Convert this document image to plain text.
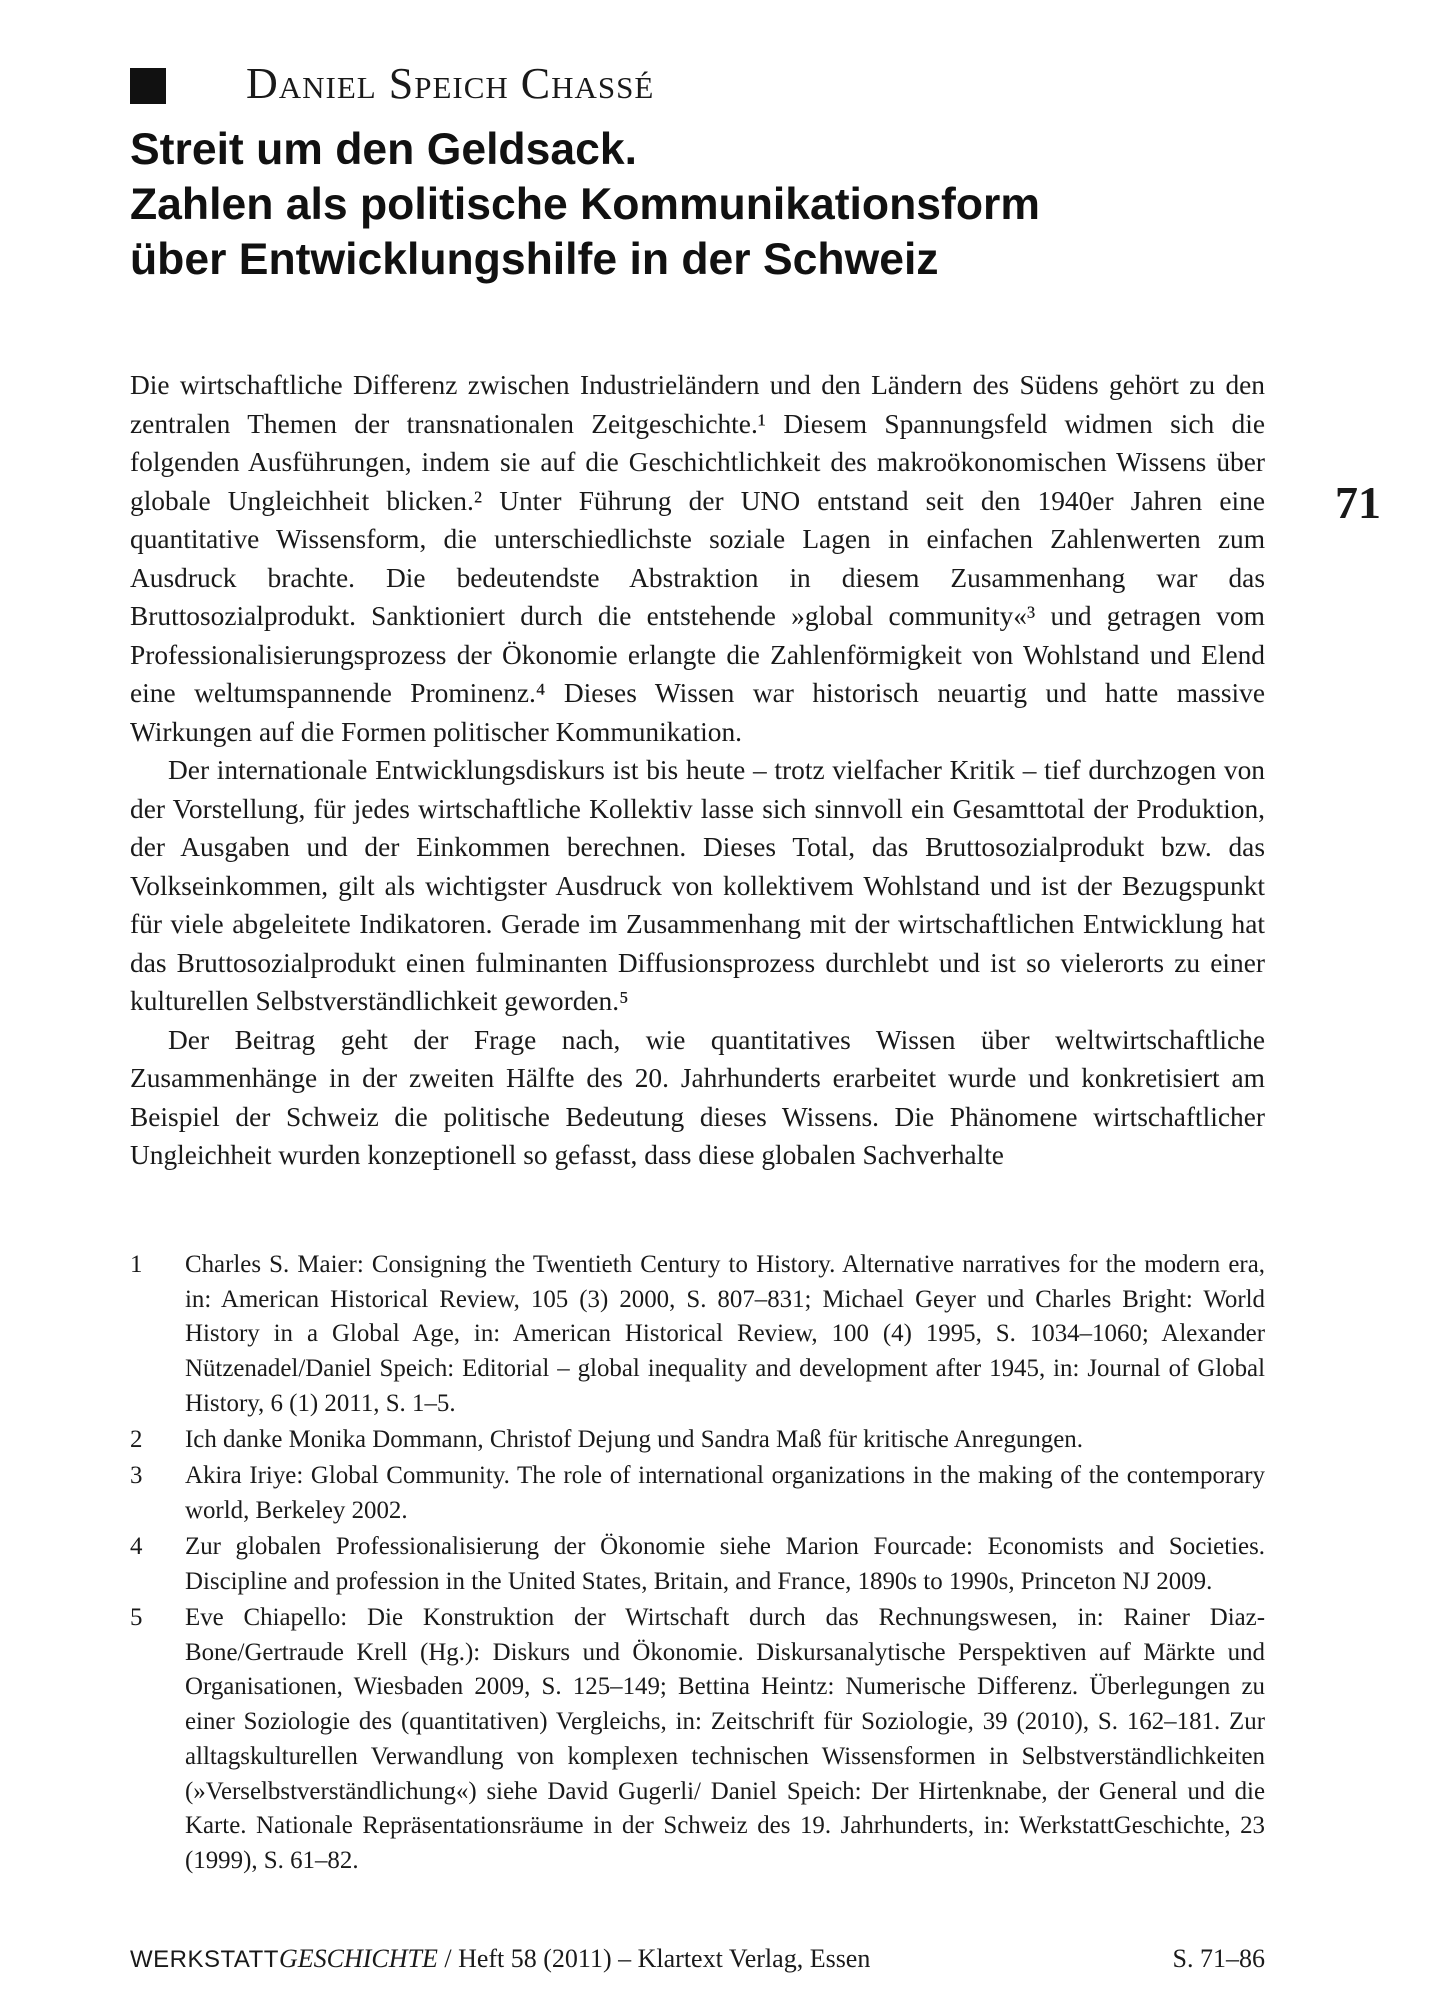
Daniel Speich Chassé
Streit um den Geldsack.
Zahlen als politische Kommunikationsform
über Entwicklungshilfe in der Schweiz
71

Die wirtschaftliche Differenz zwischen Industrieländern und den Ländern des Südens gehört zu den zentralen Themen der transnationalen Zeitgeschichte.¹ Diesem Spannungsfeld widmen sich die folgenden Ausführungen, indem sie auf die Geschichtlichkeit des makroökonomischen Wissens über globale Ungleichheit blicken.² Unter Führung der UNO entstand seit den 1940er Jahren eine quantitative Wissensform, die unterschiedlichste soziale Lagen in einfachen Zahlenwerten zum Ausdruck brachte. Die bedeutendste Abstraktion in diesem Zusammenhang war das Bruttosozialprodukt. Sanktioniert durch die entstehende »global community«³ und getragen vom Professionalisierungsprozess der Ökonomie erlangte die Zahlenförmigkeit von Wohlstand und Elend eine weltumspannende Prominenz.⁴ Dieses Wissen war historisch neuartig und hatte massive Wirkungen auf die Formen politischer Kommunikation.

Der internationale Entwicklungsdiskurs ist bis heute – trotz vielfacher Kritik – tief durchzogen von der Vorstellung, für jedes wirtschaftliche Kollektiv lasse sich sinnvoll ein Gesamttotal der Produktion, der Ausgaben und der Einkommen berechnen. Dieses Total, das Bruttosozialprodukt bzw. das Volkseinkommen, gilt als wichtigster Ausdruck von kollektivem Wohlstand und ist der Bezugspunkt für viele abgeleitete Indikatoren. Gerade im Zusammenhang mit der wirtschaftlichen Entwicklung hat das Bruttosozialprodukt einen fulminanten Diffusionsprozess durchlebt und ist so vielerorts zu einer kulturellen Selbstverständlichkeit geworden.⁵

Der Beitrag geht der Frage nach, wie quantitatives Wissen über weltwirtschaftliche Zusammenhänge in der zweiten Hälfte des 20. Jahrhunderts erarbeitet wurde und konkretisiert am Beispiel der Schweiz die politische Bedeutung dieses Wissens. Die Phänomene wirtschaftlicher Ungleichheit wurden konzeptionell so gefasst, dass diese globalen Sachverhalte

1 Charles S. Maier: Consigning the Twentieth Century to History. Alternative narratives for the modern era, in: American Historical Review, 105 (3) 2000, S. 807–831; Michael Geyer und Charles Bright: World History in a Global Age, in: American Historical Review, 100 (4) 1995, S. 1034–1060; Alexander Nützenadel/Daniel Speich: Editorial – global inequality and development after 1945, in: Journal of Global History, 6 (1) 2011, S. 1–5.
2 Ich danke Monika Dommann, Christof Dejung und Sandra Maß für kritische Anregungen.
3 Akira Iriye: Global Community. The role of international organizations in the making of the contemporary world, Berkeley 2002.
4 Zur globalen Professionalisierung der Ökonomie siehe Marion Fourcade: Economists and Societies. Discipline and profession in the United States, Britain, and France, 1890s to 1990s, Princeton NJ 2009.
5 Eve Chiapello: Die Konstruktion der Wirtschaft durch das Rechnungswesen, in: Rainer Diaz-Bone/Gertraude Krell (Hg.): Diskurs und Ökonomie. Diskursanalytische Perspektiven auf Märkte und Organisationen, Wiesbaden 2009, S. 125–149; Bettina Heintz: Numerische Differenz. Überlegungen zu einer Soziologie des (quantitativen) Vergleichs, in: Zeitschrift für Soziologie, 39 (2010), S. 162–181. Zur alltagskulturellen Verwandlung von komplexen technischen Wissensformen in Selbstverständlichkeiten (»Verselbstverständlichung«) siehe David Gugerli/ Daniel Speich: Der Hirtenknabe, der General und die Karte. Nationale Repräsentationsräume in der Schweiz des 19. Jahrhunderts, in: WerkstattGeschichte, 23 (1999), S. 61–82.
WERKSTATTGESCHICHTE / Heft 58 (2011) – Klartext Verlag, Essen	S. 71–86
